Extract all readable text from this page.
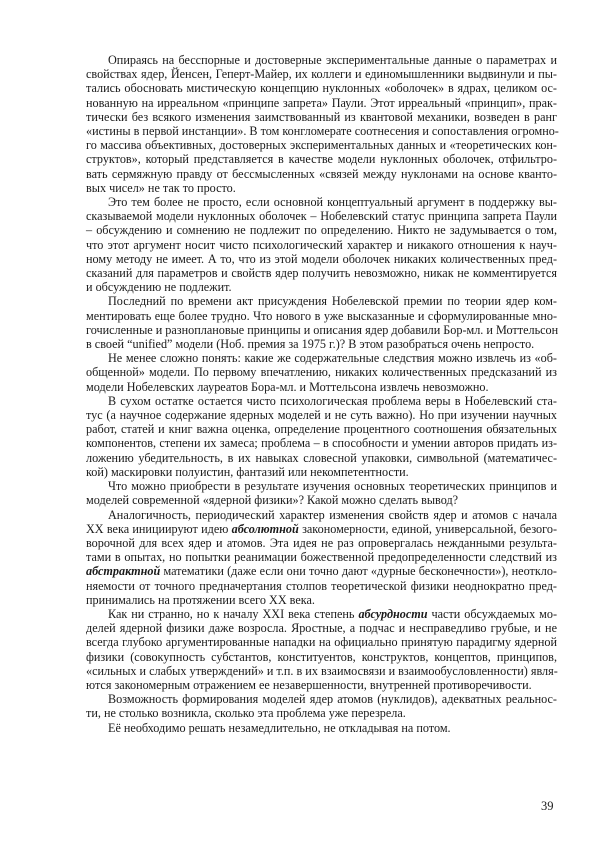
Опираясь на бесспорные и достоверные экспериментальные данные о параметрах и
свойствах ядер, Йенсен, Геперт-Майер, их коллеги и единомышленники выдвинули и пы-
тались обосновать мистическую концепцию нуклонных «оболочек» в ядрах, целиком ос-
нованную на ирреальном «принципе запрета» Паули. Этот ирреальный «принцип», прак-
тически без всякого изменения заимствованный из квантовой механики, возведен в ранг
«истины в первой инстанции». В том конгломерате соотнесения и сопоставления огромно-
го массива объективных, достоверных экспериментальных данных и «теоретических кон-
структов», который представляется в качестве модели нуклонных оболочек, отфильтро-
вать сермяжную правду от бессмысленных «связей между нуклонами на основе кванто-
вых чисел» не так то просто.
Это тем более не просто, если основной концептуальный аргумент в поддержку вы-
сказываемой модели нуклонных оболочек – Нобелевский статус принципа запрета Паули
– обсуждению и сомнению не подлежит по определению. Никто не задумывается о том,
что этот аргумент носит чисто психологический характер и никакого отношения к науч-
ному методу не имеет. А то, что из этой модели оболочек никаких количественных пред-
сказаний для параметров и свойств ядер получить невозможно, никак не комментируется
и обсуждению не подлежит.
Последний по времени акт присуждения Нобелевской премии по теории ядер ком-
ментировать еще более трудно. Что нового в уже высказанные и сформулированные мно-
гочисленные и разноплановые принципы и описания ядер добавили Бор-мл. и Моттельсон
в своей “unified” модели (Ноб. премия за 1975 г.)? В этом разобраться очень непросто.
Не менее сложно понять: какие же содержательные следствия можно извлечь из «об-
общенной» модели. По первому впечатлению, никаких количественных предсказаний из
модели Нобелевских лауреатов Бора-мл. и Моттельсона извлечь невозможно.
В сухом остатке остается чисто психологическая проблема веры в Нобелевский ста-
тус (а научное содержание ядерных моделей и не суть важно). Но при изучении научных
работ, статей и книг важна оценка, определение процентного соотношения обязательных
компонентов, степени их замеса; проблема – в способности и умении авторов придать из-
ложению убедительность, в их навыках словесной упаковки, символьной (математичес-
кой) маскировки полуистин, фантазий или некомпетентности.
Что можно приобрести в результате изучения основных теоретических принципов и
моделей современной «ядерной физики»? Какой можно сделать вывод?
Аналогичность, периодический характер изменения свойств ядер и атомов с начала
XX века инициируют идею абсолютной закономерности, единой, универсальной, безого-
ворочной для всех ядер и атомов. Эта идея не раз опровергалась нежданными результа-
тами в опытах, но попытки реанимации божественной предопределенности следствий из
абстрактной математики (даже если они точно дают «дурные бесконечности»), неоткло-
няемости от точного предначертания столпов теоретической физики неоднократно пред-
принимались на протяжении всего XX века.
Как ни странно, но к началу XXI века степень абсурдности части обсуждаемых мо-
делей ядерной физики даже возросла. Яростные, а подчас и несправедливо грубые, и не
всегда глубоко аргументированные нападки на официально принятую парадигму ядерной
физики (совокупность субстантов, конституентов, конструктов, концептов, принципов,
«сильных и слабых утверждений» и т.п. в их взаимосвязи и взаимообусловленности) явля-
ются закономерным отражением ее незавершенности, внутренней противоречивости.
Возможность формирования моделей ядер атомов (нуклидов), адекватных реальнос-
ти, не столько возникла, сколько эта проблема уже перезрела.
Её необходимо решать незамедлительно, не откладывая на потом.
39
